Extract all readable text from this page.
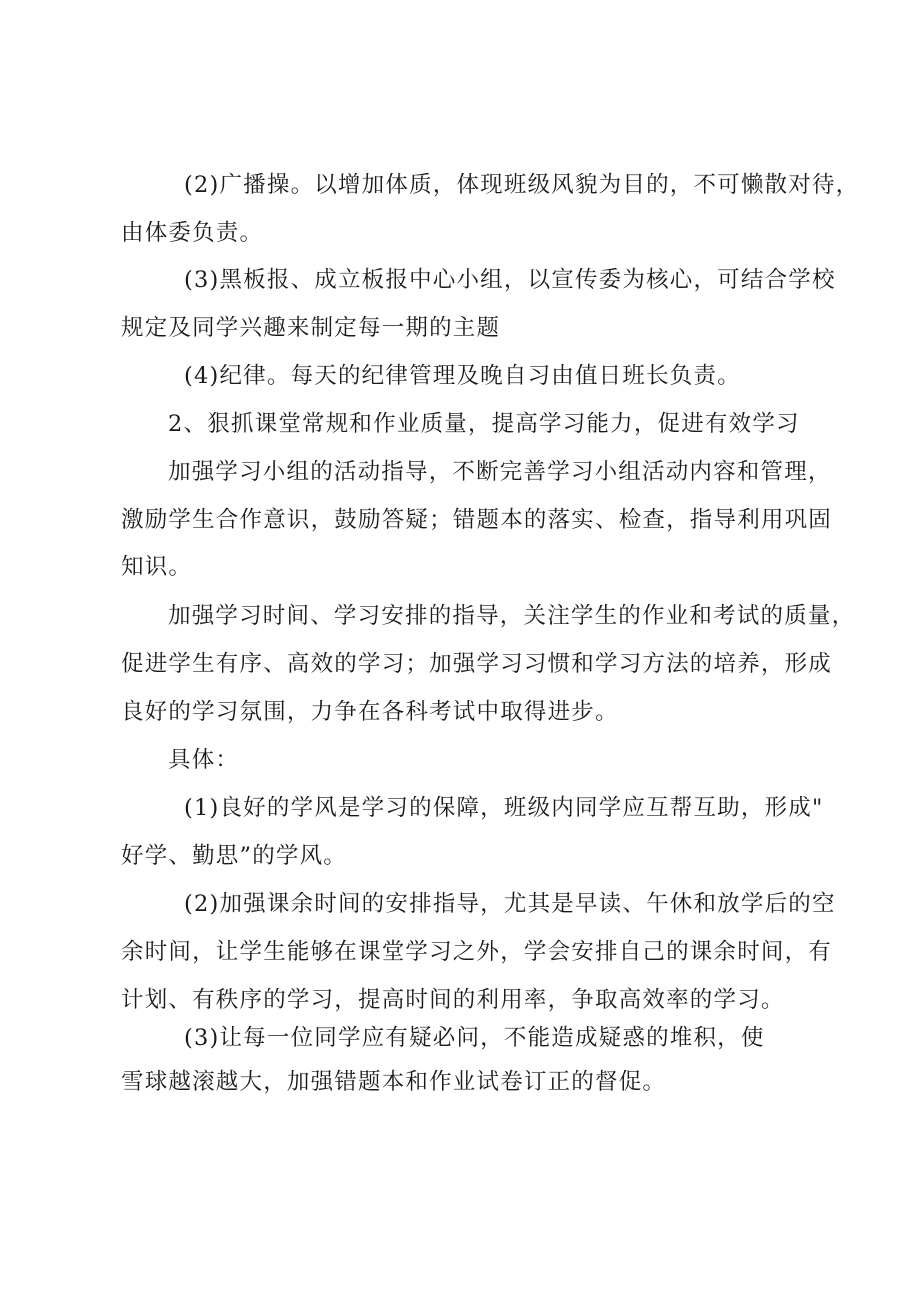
(2)广播操。以增加体质，体现班级风貌为目的，不可懒散对待，
由体委负责。
(3)黑板报、成立板报中心小组，以宣传委为核心，可结合学校
规定及同学兴趣来制定每一期的主题
(4)纪律。每天的纪律管理及晚自习由值日班长负责。
2、狠抓课堂常规和作业质量，提高学习能力，促进有效学习
加强学习小组的活动指导，不断完善学习小组活动内容和管理，
激励学生合作意识，鼓励答疑；错题本的落实、检查，指导利用巩固
知识。
加强学习时间、学习安排的指导，关注学生的作业和考试的质量，
促进学生有序、高效的学习；加强学习习惯和学习方法的培养，形成
良好的学习氛围，力争在各科考试中取得进步。
具体：
(1)良好的学风是学习的保障，班级内同学应互帮互助，形成"
好学、勤思”的学风。
(2)加强课余时间的安排指导，尤其是早读、午休和放学后的空
余时间，让学生能够在课堂学习之外，学会安排自己的课余时间，有
计划、有秩序的学习，提高时间的利用率，争取高效率的学习。
(3)让每一位同学应有疑必问，不能造成疑惑的堆积，使
雪球越滚越大，加强错题本和作业试卷订正的督促。
